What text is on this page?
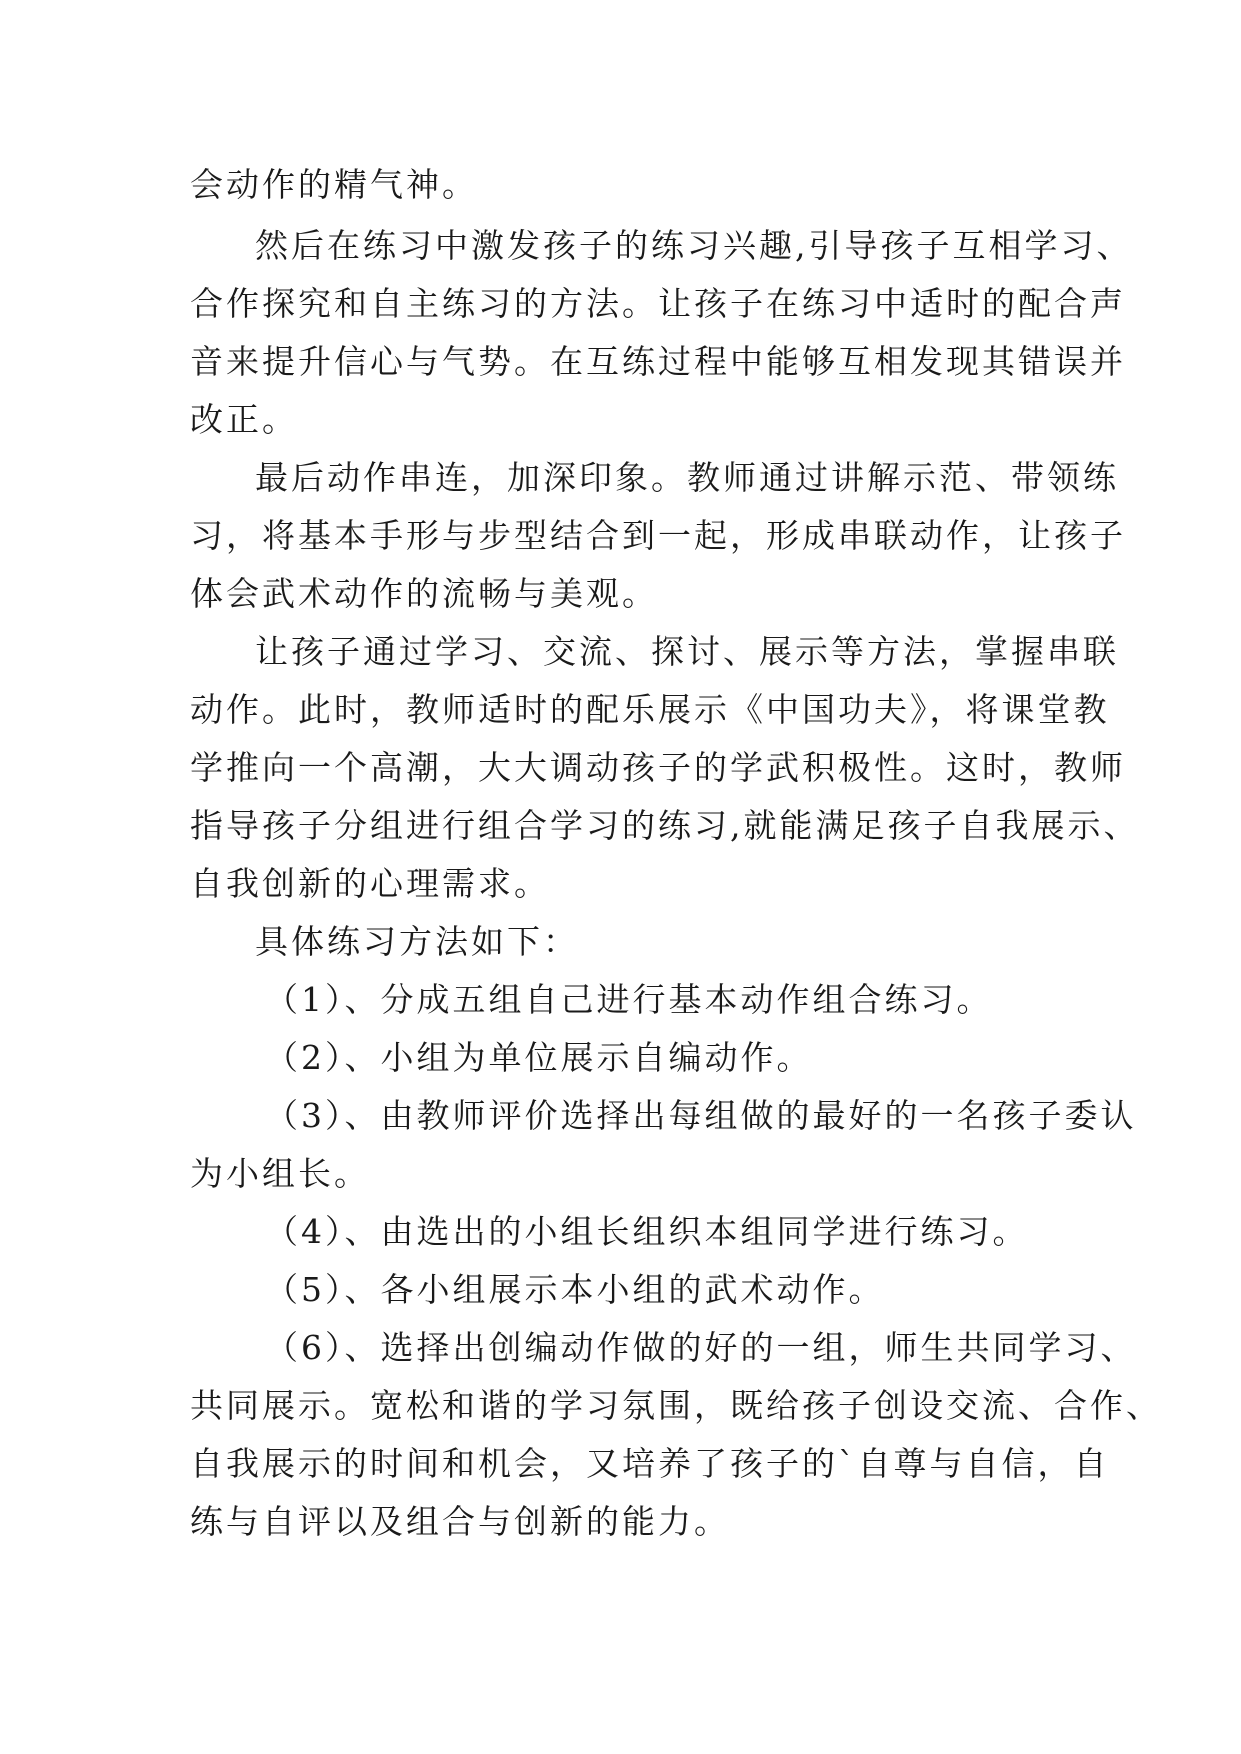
会动作的精气神。
然后在练习中激发孩子的练习兴趣,引导孩子互相学习、
合作探究和自主练习的方法。让孩子在练习中适时的配合声
音来提升信心与气势。在互练过程中能够互相发现其错误并
改正。
最后动作串连，加深印象。教师通过讲解示范、带领练
习，将基本手形与步型结合到一起，形成串联动作，让孩子
体会武术动作的流畅与美观。
让孩子通过学习、交流、探讨、展示等方法，掌握串联
动作。此时，教师适时的配乐展示《中国功夫》，将课堂教
学推向一个高潮，大大调动孩子的学武积极性。这时，教师
指导孩子分组进行组合学习的练习,就能满足孩子自我展示、
自我创新的心理需求。
具体练习方法如下：
（1）、分成五组自己进行基本动作组合练习。
（2）、小组为单位展示自编动作。
（3）、由教师评价选择出每组做的最好的一名孩子委认
为小组长。
（4）、由选出的小组长组织本组同学进行练习。
（5）、各小组展示本小组的武术动作。
（6）、选择出创编动作做的好的一组，师生共同学习、
共同展示。宽松和谐的学习氛围，既给孩子创设交流、合作、
自我展示的时间和机会，又培养了孩子的`自尊与自信，自
练与自评以及组合与创新的能力。
